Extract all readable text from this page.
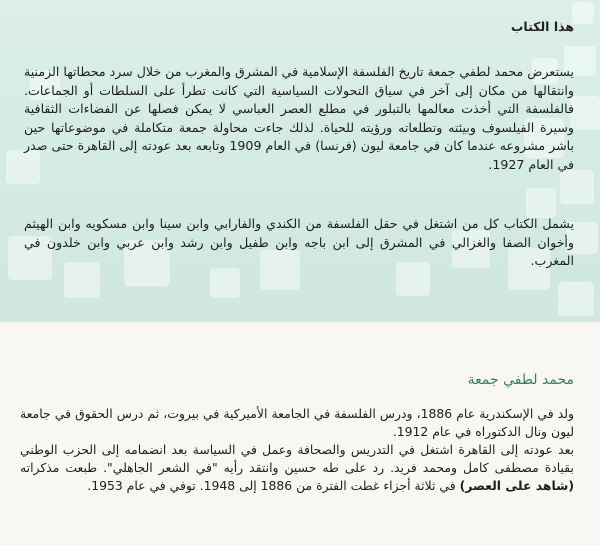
هذا الكتاب

يستعرض محمد لطفي جمعة تاريخ الفلسفة الإسلامية في المشرق والمغرب من خلال سرد محطاتها الزمنية وانتقالها من مكان إلى آخر في سياق التحولات السياسية التي كانت تطرأ على السلطات أو الجماعات. فالفلسفة التي أخذت معالمها بالتبلور في مطلع العصر العباسي لا يمكن فصلها عن الفضاءات الثقافية وسيرة الفيلسوف وبيئته وتطلعاته ورؤيته للحياة. لذلك جاءت محاولة جمعة متكاملة في موضوعاتها حين باشر مشروعه عندما كان في جامعة ليون (فرنسا) في العام 1909 وتابعه بعد عودته إلى القاهرة حتى صدر في العام 1927.

يشمل الكتاب كل من اشتغل في حقل الفلسفة من الكندي والفارابي وابن سينا وابن مسكويه وابن الهيثم وأخوان الصفا والغزالي في المشرق إلى ابن باجه وابن طفيل وابن رشد وابن عربي وابن خلدون في المغرب.

محمد لطفي جمعة

ولد في الإسكندرية عام 1886، ودرس الفلسفة في الجامعة الأميركية في بيروت، ثم درس الحقوق في جامعة ليون ونال الدكتوراه في عام 1912.

بعد عودته إلى القاهرة اشتغل في التدريس والصحافة وعمل في السياسة بعد انضمامه إلى الحزب الوطني بقيادة مصطفى كامل ومحمد فريد. رد على طه حسين وانتقد رأيه "في الشعر الجاهلي". طبعت مذكراته (شاهد على العصر) في ثلاثة أجزاء غطت الفترة من 1886 إلى 1948. توفي في عام 1953.
